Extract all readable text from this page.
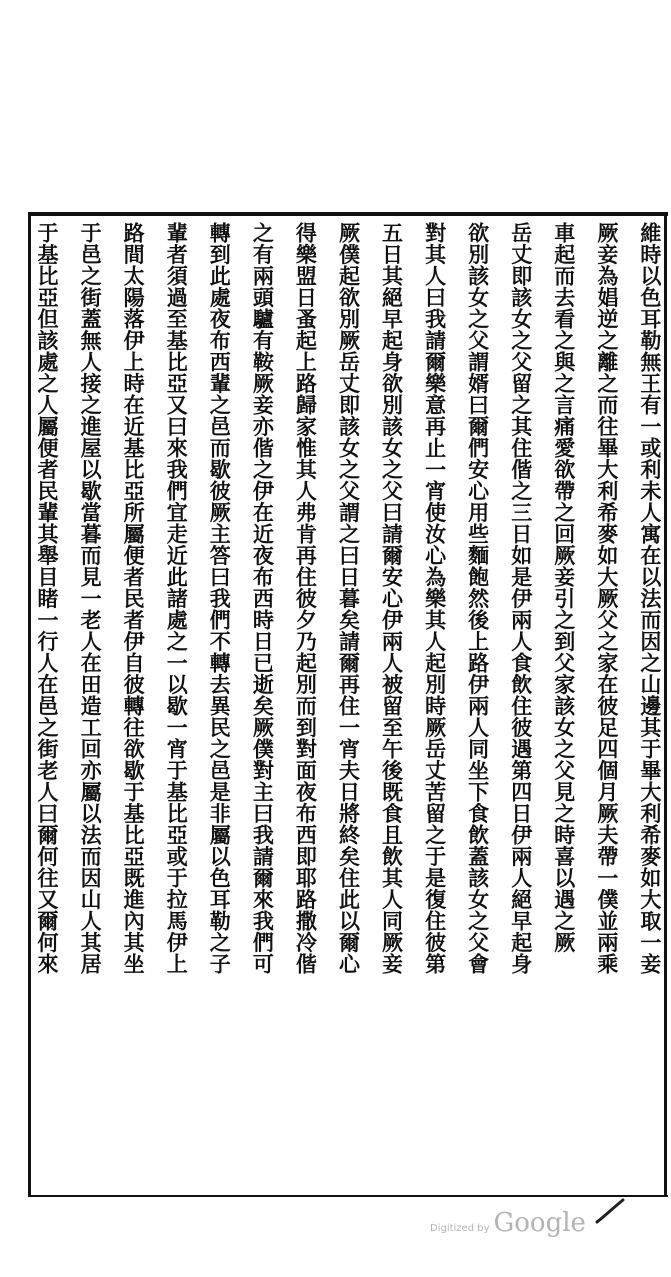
維時以色耳勒無王有一或利未人寓在以法而因之山邊其于畢大利希麥如大取一妾
厥妾為娼逆之離之而往畢大利希麥如大厥父之家在彼足四個月厥夫帶一僕並兩乘
車起而去看之與之言痛愛欲帶之回厥妾引之到父家該女之父見之時喜以遇之厥
岳丈即該女之父留之其住偕之三日如是伊兩人食飲住彼遇第四日伊兩人絕早起身
欲別該女之父謂婿曰爾們安心用些麵飽然後上路伊兩人同坐下食飲蓋該女之父會
對其人曰我請爾樂意再止一宵使汝心為樂其人起別時厥岳丈苦留之于是復住彼第
五日其絕早起身欲別該女之父曰請爾安心伊兩人被留至午後既食且飲其人同厥妾
厥僕起欲別厥岳丈即該女之父謂之曰日暮矣請爾再住一宵夫日將終矣住此以爾心
得樂盟日蚤起上路歸家惟其人弗肯再住彼夕乃起別而到對面夜布西即耶路撒冷偕
之有兩頭驢有鞍厥妾亦偕之伊在近夜布西時日已逝矣厥僕對主曰我請爾來我們可
轉到此處夜布西輩之邑而歇彼厥主答曰我們不轉去異民之邑是非屬以色耳勒之子
輩者須過至基比亞又曰來我們宜走近此諸處之一以歇一宵于基比亞或于拉馬伊上
路間太陽落伊上時在近基比亞所屬便者民者伊自彼轉往欲歇于基比亞既進內其坐
于邑之街蓋無人接之進屋以歇當暮而見一老人在田造工回亦屬以法而因山人其居
于基比亞但該處之人屬便者民輩其舉目睹一行人在邑之街老人曰爾何往又爾何來
Digitized by Google
